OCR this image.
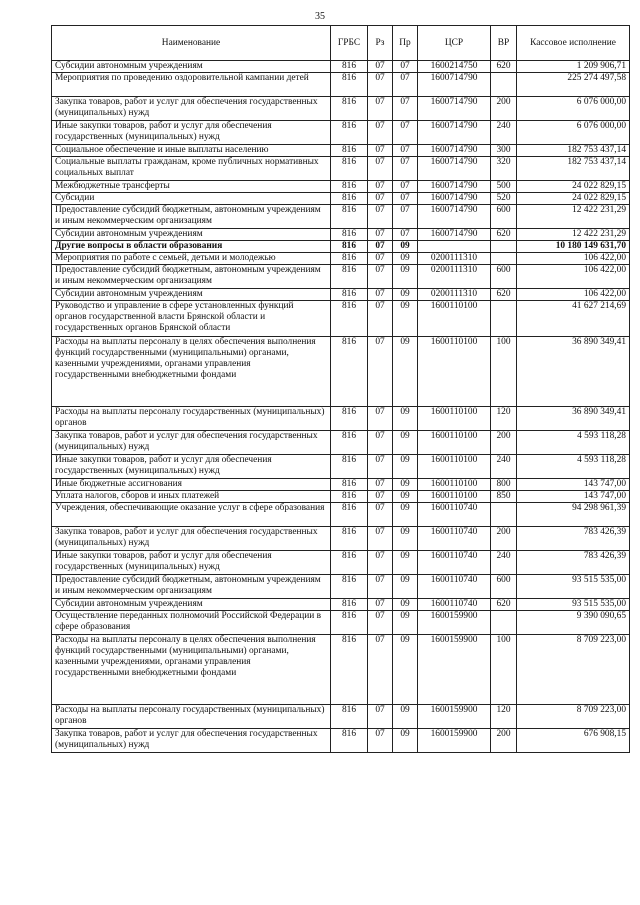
35
Наименование	ГРБС	Рз	Пр	ЦСР	ВР	Кассовое исполнение
Субсидии автономным учреждениям	816	07	07	1600214750	620	1 209 906,71
Мероприятия по проведению оздоровительной кампании детей	816	07	07	1600714790		225 274 497,58
Закупка товаров, работ и услуг для обеспечения государственных (муниципальных) нужд	816	07	07	1600714790	200	6 076 000,00
Иные закупки товаров, работ и услуг для обеспечения государственных (муниципальных) нужд	816	07	07	1600714790	240	6 076 000,00
Социальное обеспечение и иные выплаты населению	816	07	07	1600714790	300	182 753 437,14
Социальные выплаты гражданам, кроме публичных нормативных социальных выплат	816	07	07	1600714790	320	182 753 437,14
Межбюджетные трансферты	816	07	07	1600714790	500	24 022 829,15
Субсидии	816	07	07	1600714790	520	24 022 829,15
Предоставление субсидий бюджетным, автономным учреждениям и иным некоммерческим организациям	816	07	07	1600714790	600	12 422 231,29
Субсидии автономным учреждениям	816	07	07	1600714790	620	12 422 231,29
Другие вопросы в области образования	816	07	09			10 180 149 631,70
Мероприятия по работе с семьей, детьми и молодежью	816	07	09	0200111310		106 422,00
Предоставление субсидий бюджетным, автономным учреждениям и иным некоммерческим организациям	816	07	09	0200111310	600	106 422,00
Субсидии автономным учреждениям	816	07	09	0200111310	620	106 422,00
Руководство и управление в сфере установленных функций органов государственной власти Брянской области и государственных органов Брянской области	816	07	09	1600110100		41 627 214,69
Расходы на выплаты персоналу в целях обеспечения выполнения функций государственными (муниципальными) органами, казенными учреждениями, органами управления государственными внебюджетными фондами	816	07	09	1600110100	100	36 890 349,41
Расходы на выплаты персоналу государственных (муниципальных) органов	816	07	09	1600110100	120	36 890 349,41
Закупка товаров, работ и услуг для обеспечения государственных (муниципальных) нужд	816	07	09	1600110100	200	4 593 118,28
Иные закупки товаров, работ и услуг для обеспечения государственных (муниципальных) нужд	816	07	09	1600110100	240	4 593 118,28
Иные бюджетные ассигнования	816	07	09	1600110100	800	143 747,00
Уплата налогов, сборов и иных платежей	816	07	09	1600110100	850	143 747,00
Учреждения, обеспечивающие оказание услуг в сфере образования	816	07	09	1600110740		94 298 961,39
Закупка товаров, работ и услуг для обеспечения государственных (муниципальных) нужд	816	07	09	1600110740	200	783 426,39
Иные закупки товаров, работ и услуг для обеспечения государственных (муниципальных) нужд	816	07	09	1600110740	240	783 426,39
Предоставление субсидий бюджетным, автономным учреждениям и иным некоммерческим организациям	816	07	09	1600110740	600	93 515 535,00
Субсидии автономным учреждениям	816	07	09	1600110740	620	93 515 535,00
Осуществление переданных полномочий Российской Федерации в сфере образования	816	07	09	1600159900		9 390 090,65
Расходы на выплаты персоналу в целях обеспечения выполнения функций государственными (муниципальными) органами, казенными учреждениями, органами управления государственными внебюджетными фондами	816	07	09	1600159900	100	8 709 223,00
Расходы на выплаты персоналу государственных (муниципальных) органов	816	07	09	1600159900	120	8 709 223,00
Закупка товаров, работ и услуг для обеспечения государственных (муниципальных) нужд	816	07	09	1600159900	200	676 908,15
